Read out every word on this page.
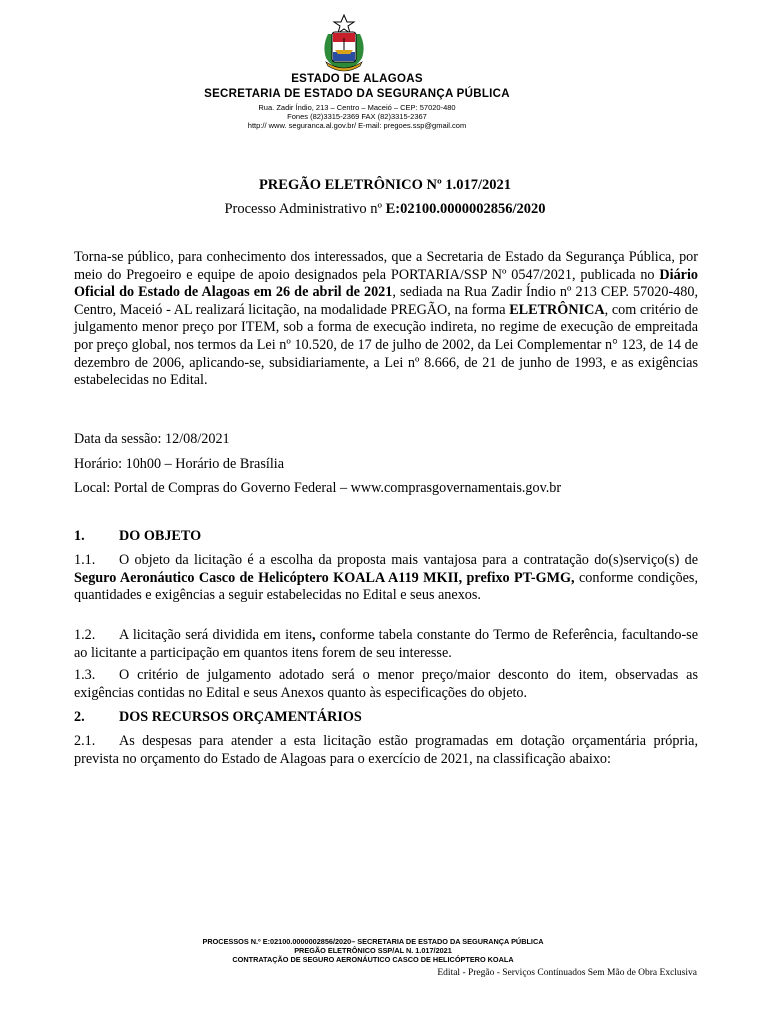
ESTADO DE ALAGOAS
SECRETARIA DE ESTADO DA SEGURANÇA PÚBLICA
Rua. Zadir Índio, 213 – Centro – Maceió – CEP: 57020-480
Fones (82)3315-2369 FAX (82)3315-2367
http:// www. seguranca.al.gov.br/ E-mail: pregoes.ssp@gmail.com
PREGÃO ELETRÔNICO Nº 1.017/2021
Processo Administrativo nº E:02100.0000002856/2020
Torna-se público, para conhecimento dos interessados, que a Secretaria de Estado da Segurança Pública, por meio do Pregoeiro e equipe de apoio designados pela PORTARIA/SSP Nº 0547/2021, publicada no Diário Oficial do Estado de Alagoas em 26 de abril de 2021, sediada na Rua Zadir Índio nº 213 CEP. 57020-480, Centro, Maceió - AL realizará licitação, na modalidade PREGÃO, na forma ELETRÔNICA, com critério de julgamento menor preço por ITEM, sob a forma de execução indireta, no regime de execução de empreitada por preço global, nos termos da Lei nº 10.520, de 17 de julho de 2002, da Lei Complementar n° 123, de 14 de dezembro de 2006, aplicando-se, subsidiariamente, a Lei nº 8.666, de 21 de junho de 1993, e as exigências estabelecidas no Edital.
Data da sessão: 12/08/2021
Horário: 10h00 – Horário de Brasília
Local: Portal de Compras do Governo Federal – www.comprasgovernamentais.gov.br
1. DO OBJETO
1.1. O objeto da licitação é a escolha da proposta mais vantajosa para a contratação do(s)serviço(s) de Seguro Aeronáutico Casco de Helicóptero KOALA A119 MKII, prefixo PT-GMG, conforme condições, quantidades e exigências a seguir estabelecidas no Edital e seus anexos.
1.2. A licitação será dividida em itens, conforme tabela constante do Termo de Referência, facultando-se ao licitante a participação em quantos itens forem de seu interesse.
1.3. O critério de julgamento adotado será o menor preço/maior desconto do item, observadas as exigências contidas no Edital e seus Anexos quanto às especificações do objeto.
2. DOS RECURSOS ORÇAMENTÁRIOS
2.1. As despesas para atender a esta licitação estão programadas em dotação orçamentária própria, prevista no orçamento do Estado de Alagoas para o exercício de 2021, na classificação abaixo:
PROCESSOS N.º E:02100.0000002856/2020– SECRETARIA DE ESTADO DA SEGURANÇA PÚBLICA
PREGÃO ELETRÔNICO SSP/AL N. 1.017/2021
CONTRATAÇÃO DE SEGURO AERONÁUTICO CASCO DE HELICÓPTERO KOALA
Edital - Pregão - Serviços Contínuados Sem Mão de Obra Exclusiva
